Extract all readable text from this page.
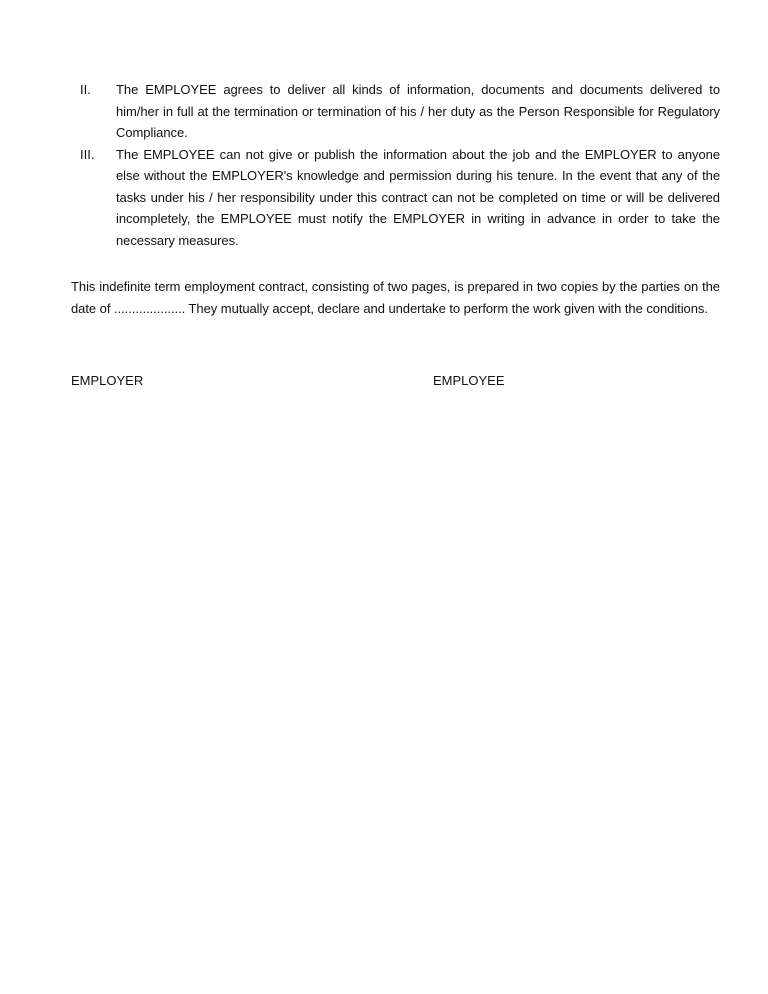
II.	The EMPLOYEE agrees to deliver all kinds of information, documents and documents delivered to him/her in full at the termination or termination of his / her duty as the Person Responsible for Regulatory Compliance.
III.	The EMPLOYEE can not give or publish the information about the job and the EMPLOYER to anyone else without the EMPLOYER's knowledge and permission during his tenure. In the event that any of the tasks under his / her responsibility under this contract can not be completed on time or will be delivered incompletely, the EMPLOYEE must notify the EMPLOYER in writing in advance in order to take the necessary measures.

This indefinite term employment contract, consisting of two pages, is prepared in two copies by the parties on the date of .................... They mutually accept, declare and undertake to perform the work given with the conditions.

EMPLOYER	EMPLOYEE
